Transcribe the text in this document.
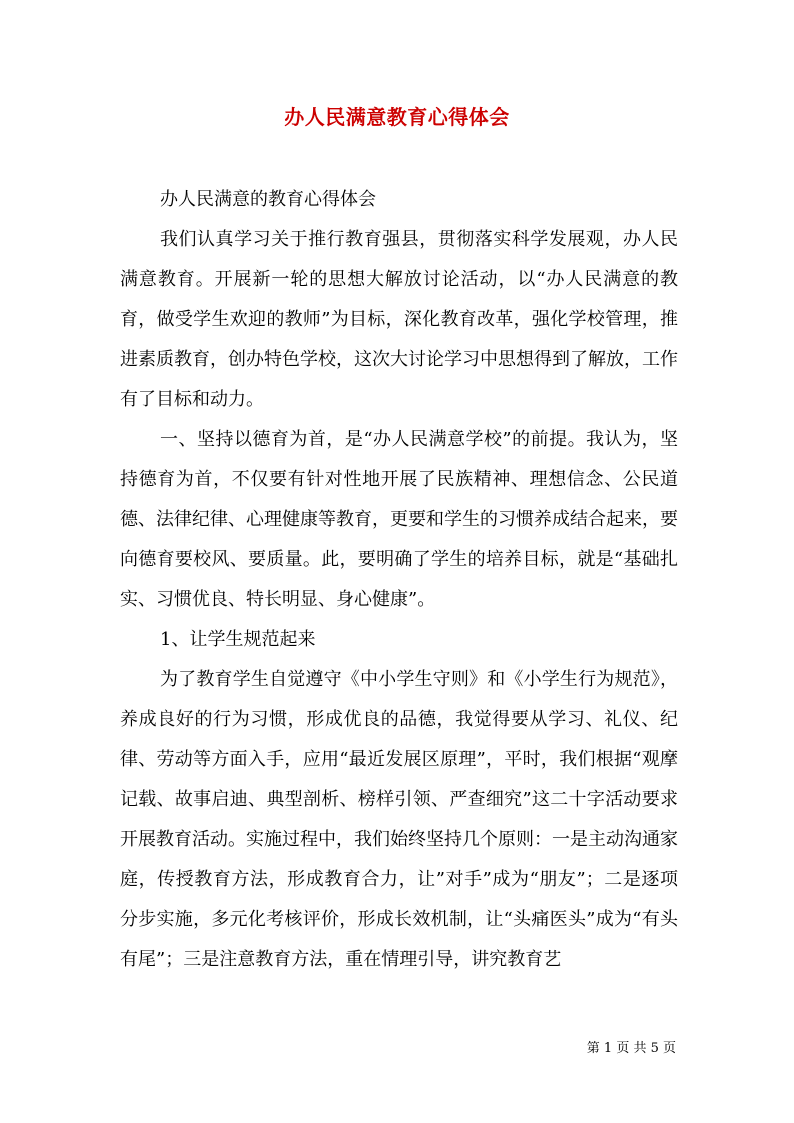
办人民满意教育心得体会

办人民满意的教育心得体会

我们认真学习关于推行教育强县，贯彻落实科学发展观，办人民满意教育。开展新一轮的思想大解放讨论活动，以“办人民满意的教育，做受学生欢迎的教师”为目标，深化教育改革，强化学校管理，推进素质教育，创办特色学校，这次大讨论学习中思想得到了解放，工作有了目标和动力。

一、坚持以德育为首，是“办人民满意学校”的前提。我认为，坚持德育为首，不仅要有针对性地开展了民族精神、理想信念、公民道德、法律纪律、心理健康等教育，更要和学生的习惯养成结合起来，要向德育要校风、要质量。此，要明确了学生的培养目标，就是“基础扎实、习惯优良、特长明显、身心健康”。

1、让学生规范起来

为了教育学生自觉遵守《中小学生守则》和《小学生行为规范》，养成良好的行为习惯，形成优良的品德，我觉得要从学习、礼仪、纪律、劳动等方面入手，应用“最近发展区原理”，平时，我们根据“观摩记载、故事启迪、典型剖析、榜样引领、严查细究”这二十字活动要求开展教育活动。实施过程中，我们始终坚持几个原则：一是主动沟通家庭，传授教育方法，形成教育合力，让”对手”成为“朋友”；二是逐项分步实施，多元化考核评价，形成长效机制，让“头痛医头”成为“有头有尾”；三是注意教育方法，重在情理引导，讲究教育艺

第 1 页 共 5 页
